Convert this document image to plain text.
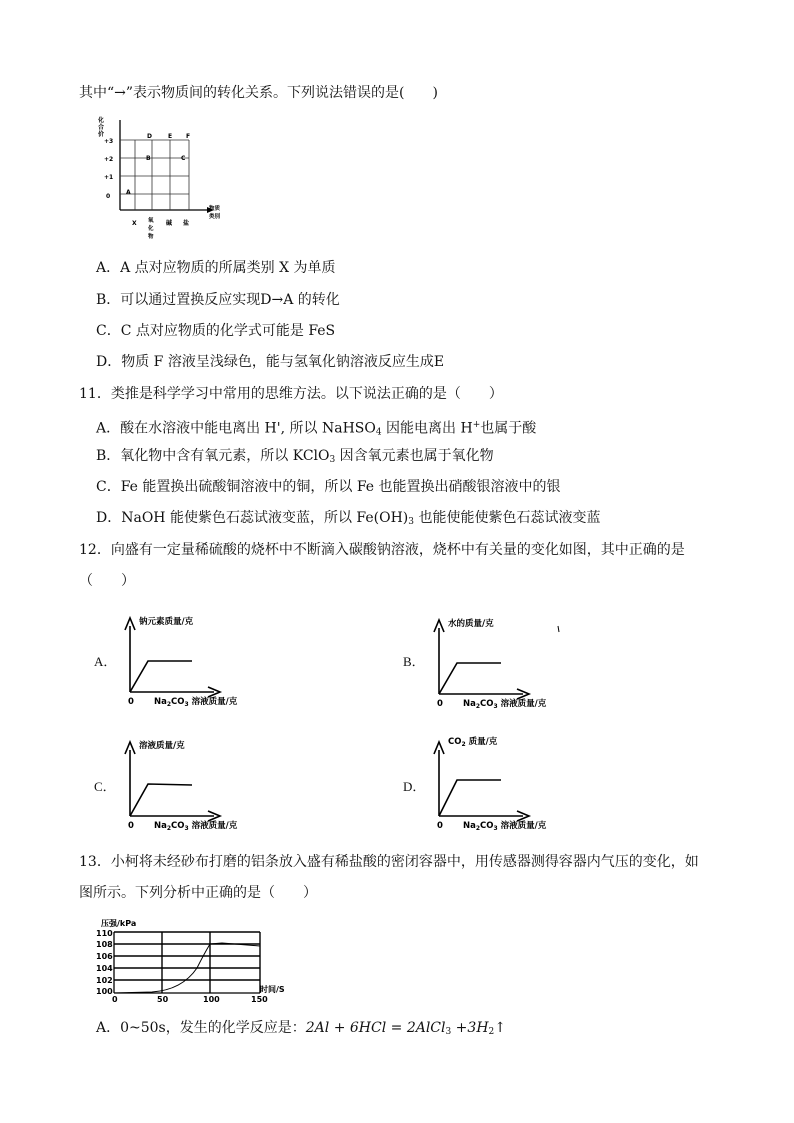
其中“→”表示物质间的转化关系。下列说法错误的是(　　)
化
合
价
+3
+2
+1
0
D	E F
B	C
A
X 氧
化
物
碱 盐
物质
类别
A．A 点对应物质的所属类别 X 为单质
B．可以通过置换反应实现D→A 的转化
C．C 点对应物质的化学式可能是 FeS
D．物质 F 溶液呈浅绿色，能与氢氧化钠溶液反应生成E
11．类推是科学学习中常用的思维方法。以下说法正确的是（　　）
A．酸在水溶液中能电离出 H', 所以 NaHSO$_4$ 因能电离出 H+也属于酸
B．氧化物中含有氧元素，所以 KClO$_3$ 因含氧元素也属于氧化物
C．Fe 能置换出硫酸铜溶液中的铜，所以 Fe 也能置换出硝酸银溶液中的银
D．NaOH 能使紫色石蕊试液变蓝，所以 $Fe(OH)_3$ 也能使能使紫色石蕊试液变蓝
12．向盛有一定量稀硫酸的烧杯中不断滴入碳酸钠溶液，烧杯中有关量的变化如图，其中正确的是
（　　）
A．
钠元素质量/克
0 $Na_2CO_3$ 溶液质量/克
B．
水的质量/克
0 $Na_2CO_3$ 溶液质量/克
C．
溶液质量/克
0 $Na_2CO_3$ 溶液质量/克
D．
$CO_2$ 质量/克
0 $Na_2CO_3$ 溶液质量/克
13．小柯将未经砂布打磨的铝条放入盛有稀盐酸的密闭容器中，用传感器测得容器内气压的变化，如
图所示。下列分析中正确的是（　　）
压强/kPa
110
108
106
104
102
100
0	50	100	150
时间/S
A．0~50s，发生的化学反应是：2Al + 6HCl = 2AlCl$_3$ $+3H_2↑$
